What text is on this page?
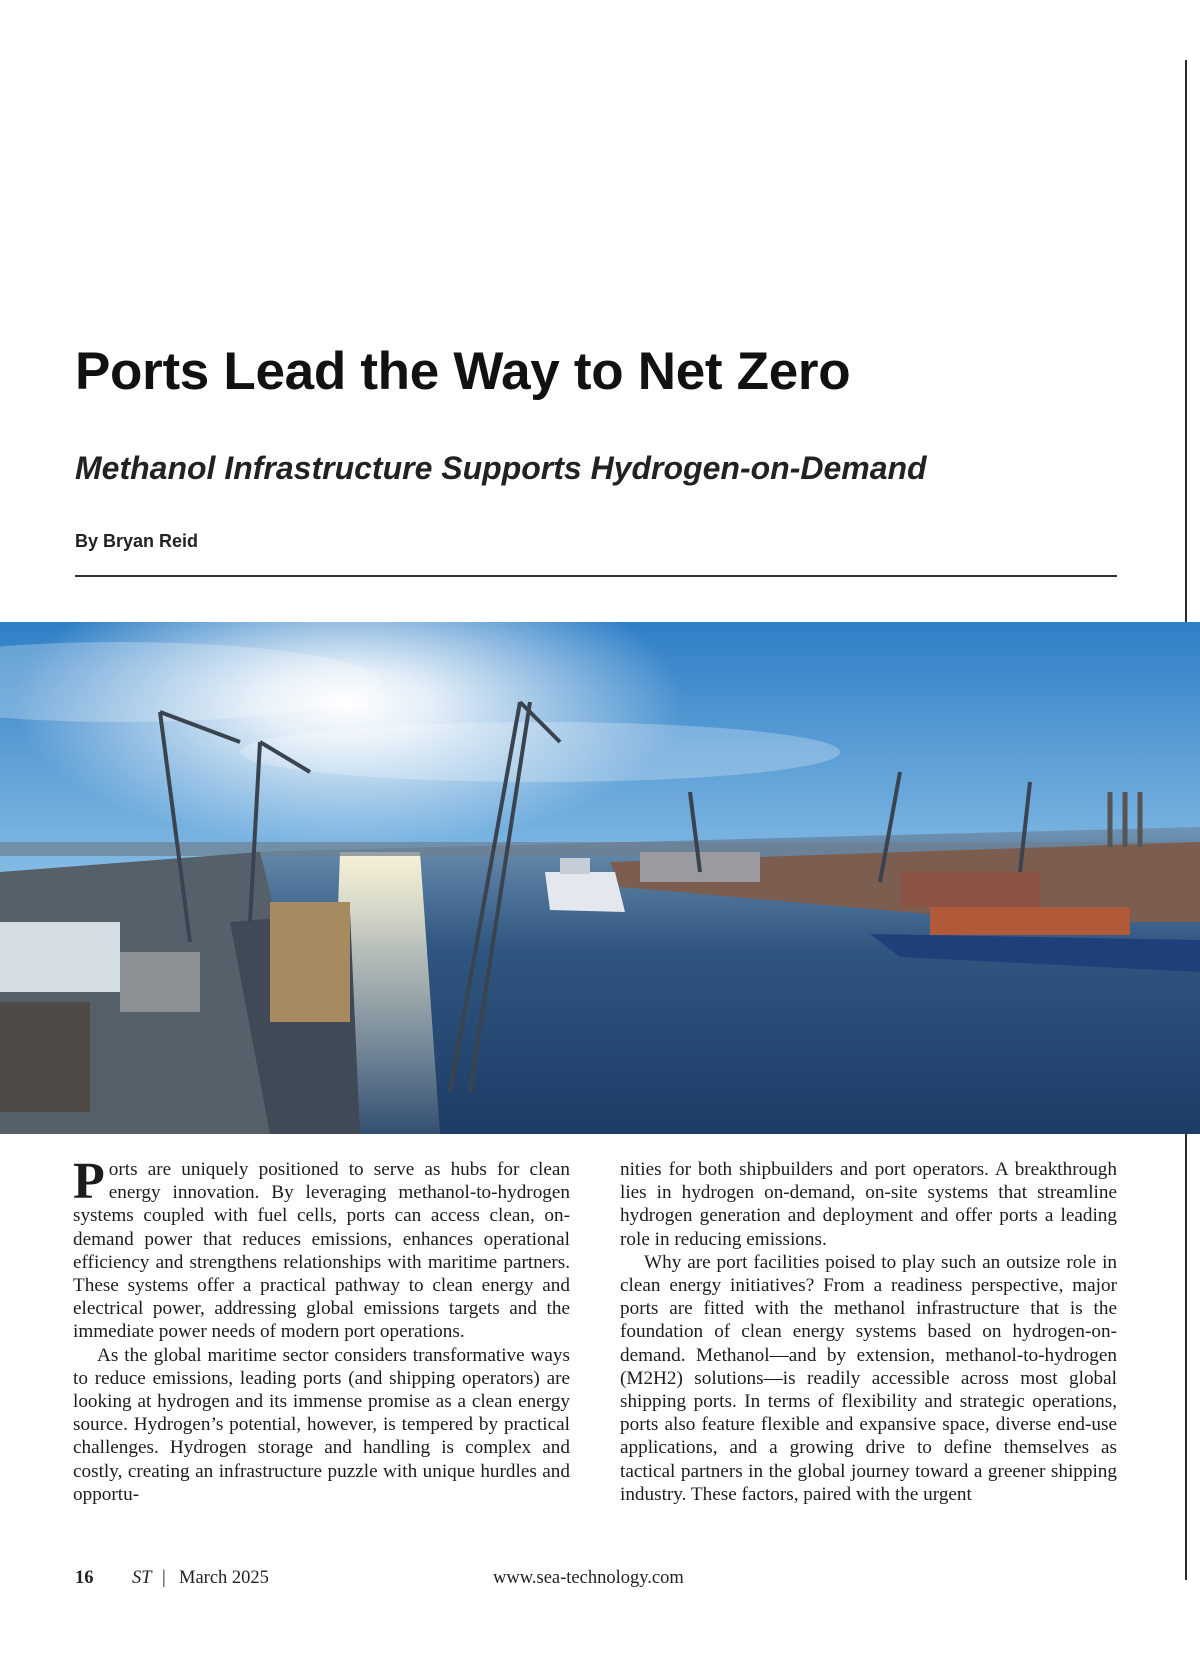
Ports Lead the Way to Net Zero
Methanol Infrastructure Supports Hydrogen-on-Demand
By Bryan Reid

Ports are uniquely positioned to serve as hubs for clean energy innovation. By leveraging methanol-to-hydrogen systems coupled with fuel cells, ports can access clean, on-demand power that reduces emissions, enhances operational efficiency and strengthens relationships with maritime partners. These systems offer a practical pathway to clean energy and electrical power, addressing global emissions targets and the immediate power needs of modern port operations.

As the global maritime sector considers transformative ways to reduce emissions, leading ports (and shipping operators) are looking at hydrogen and its immense promise as a clean energy source. Hydrogen’s potential, however, is tempered by practical challenges. Hydrogen storage and handling is complex and costly, creating an infrastructure puzzle with unique hurdles and opportu-

nities for both shipbuilders and port operators. A breakthrough lies in hydrogen on-demand, on-site systems that streamline hydrogen generation and deployment and offer ports a leading role in reducing emissions.

Why are port facilities poised to play such an outsize role in clean energy initiatives? From a readiness perspective, major ports are fitted with the methanol infrastructure that is the foundation of clean energy systems based on hydrogen-on-demand. Methanol—and by extension, methanol-to-hydrogen (M2H2) solutions—is readily accessible across most global shipping ports. In terms of flexibility and strategic operations, ports also feature flexible and expansive space, diverse end-use applications, and a growing drive to define themselves as tactical partners in the global journey toward a greener shipping industry. These factors, paired with the urgent

16 ST | March 2025	www.sea-technology.com
